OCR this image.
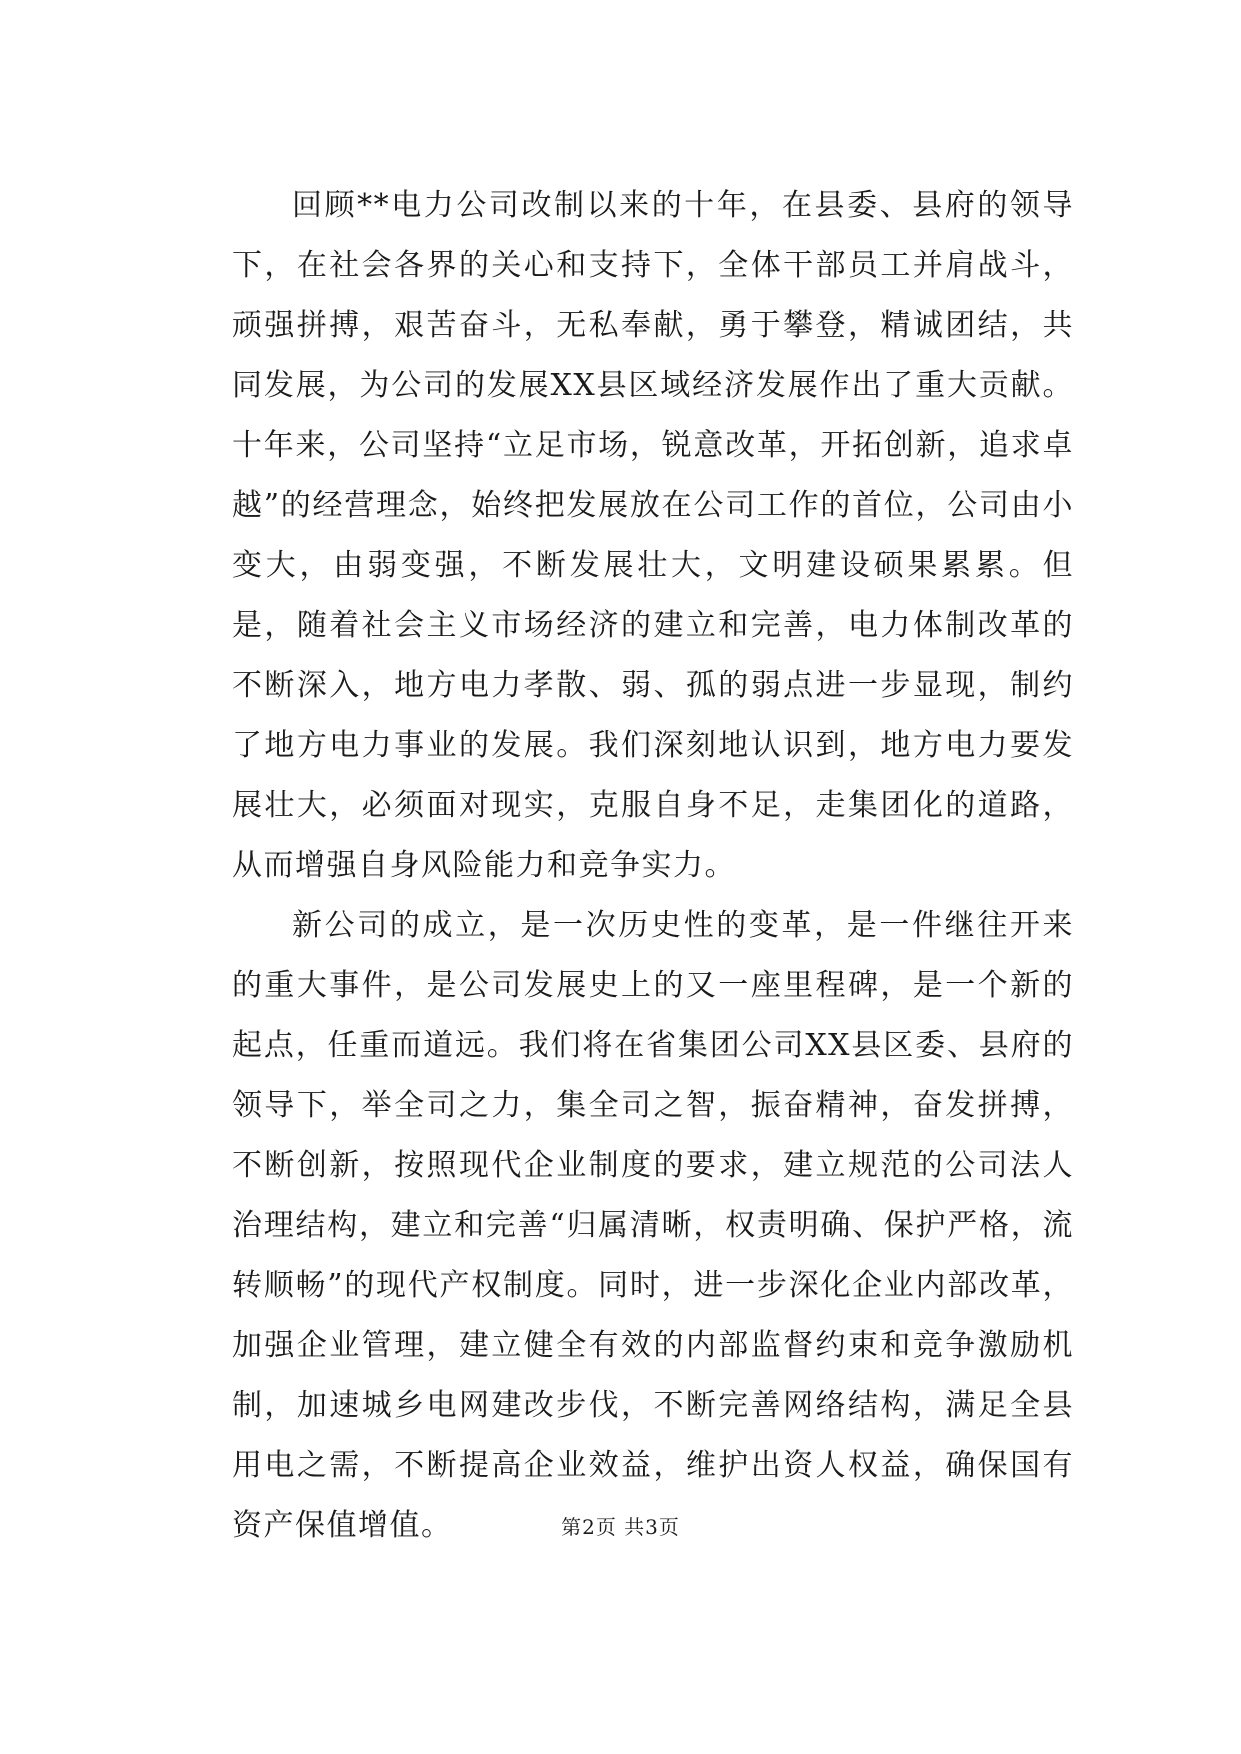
回顾**电力公司改制以来的十年，在县委、县府的领导下，在社会各界的关心和支持下，全体干部员工并肩战斗，顽强拼搏，艰苦奋斗，无私奉献，勇于攀登，精诚团结，共同发展，为公司的发展XX县区域经济发展作出了重大贡献。十年来，公司坚持“立足市场，锐意改革，开拓创新，追求卓越”的经营理念，始终把发展放在公司工作的首位，公司由小变大，由弱变强，不断发展壮大，文明建设硕果累累。但是，随着社会主义市场经济的建立和完善，电力体制改革的不断深入，地方电力孝散、弱、孤的弱点进一步显现，制约了地方电力事业的发展。我们深刻地认识到，地方电力要发展壮大，必须面对现实，克服自身不足，走集团化的道路，从而增强自身风险能力和竞争实力。

新公司的成立，是一次历史性的变革，是一件继往开来的重大事件，是公司发展史上的又一座里程碑，是一个新的起点，任重而道远。我们将在省集团公司XX县区委、县府的领导下，举全司之力，集全司之智，振奋精神，奋发拼搏，不断创新，按照现代企业制度的要求，建立规范的公司法人治理结构，建立和完善“归属清晰，权责明确、保护严格，流转顺畅”的现代产权制度。同时，进一步深化企业内部改革，加强企业管理，建立健全有效的内部监督约束和竞争激励机制，加速城乡电网建改步伐，不断完善网络结构，满足全县用电之需，不断提高企业效益，维护出资人权益，确保国有资产保值增值。	第2页 共3页
